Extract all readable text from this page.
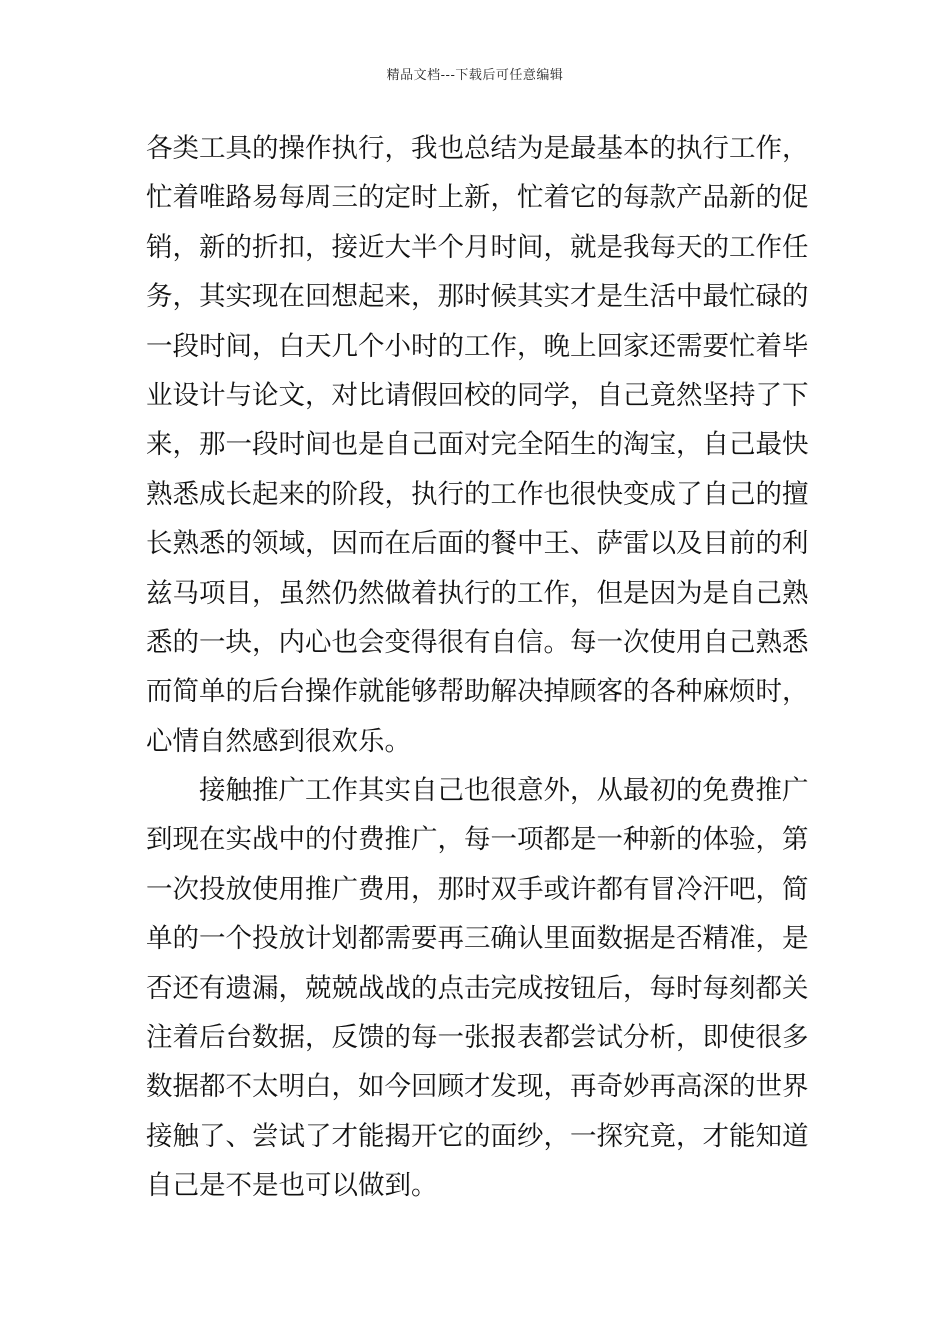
精品文档---下载后可任意编辑
各类工具的操作执行，我也总结为是最基本的执行工作，
忙着唯路易每周三的定时上新，忙着它的每款产品新的促
销，新的折扣，接近大半个月时间，就是我每天的工作任
务，其实现在回想起来，那时候其实才是生活中最忙碌的
一段时间，白天几个小时的工作，晚上回家还需要忙着毕
业设计与论文，对比请假回校的同学，自己竟然坚持了下
来，那一段时间也是自己面对完全陌生的淘宝，自己最快
熟悉成长起来的阶段，执行的工作也很快变成了自己的擅
长熟悉的领域，因而在后面的餐中王、萨雷以及目前的利
兹马项目，虽然仍然做着执行的工作，但是因为是自己熟
悉的一块，内心也会变得很有自信。每一次使用自己熟悉
而简单的后台操作就能够帮助解决掉顾客的各种麻烦时，
心情自然感到很欢乐。
接触推广工作其实自己也很意外，从最初的免费推广
到现在实战中的付费推广，每一项都是一种新的体验，第
一次投放使用推广费用，那时双手或许都有冒冷汗吧，简
单的一个投放计划都需要再三确认里面数据是否精准，是
否还有遗漏，兢兢战战的点击完成按钮后，每时每刻都关
注着后台数据，反馈的每一张报表都尝试分析，即使很多
数据都不太明白，如今回顾才发现，再奇妙再高深的世界
接触了、尝试了才能揭开它的面纱，一探究竟，才能知道
自己是不是也可以做到。
